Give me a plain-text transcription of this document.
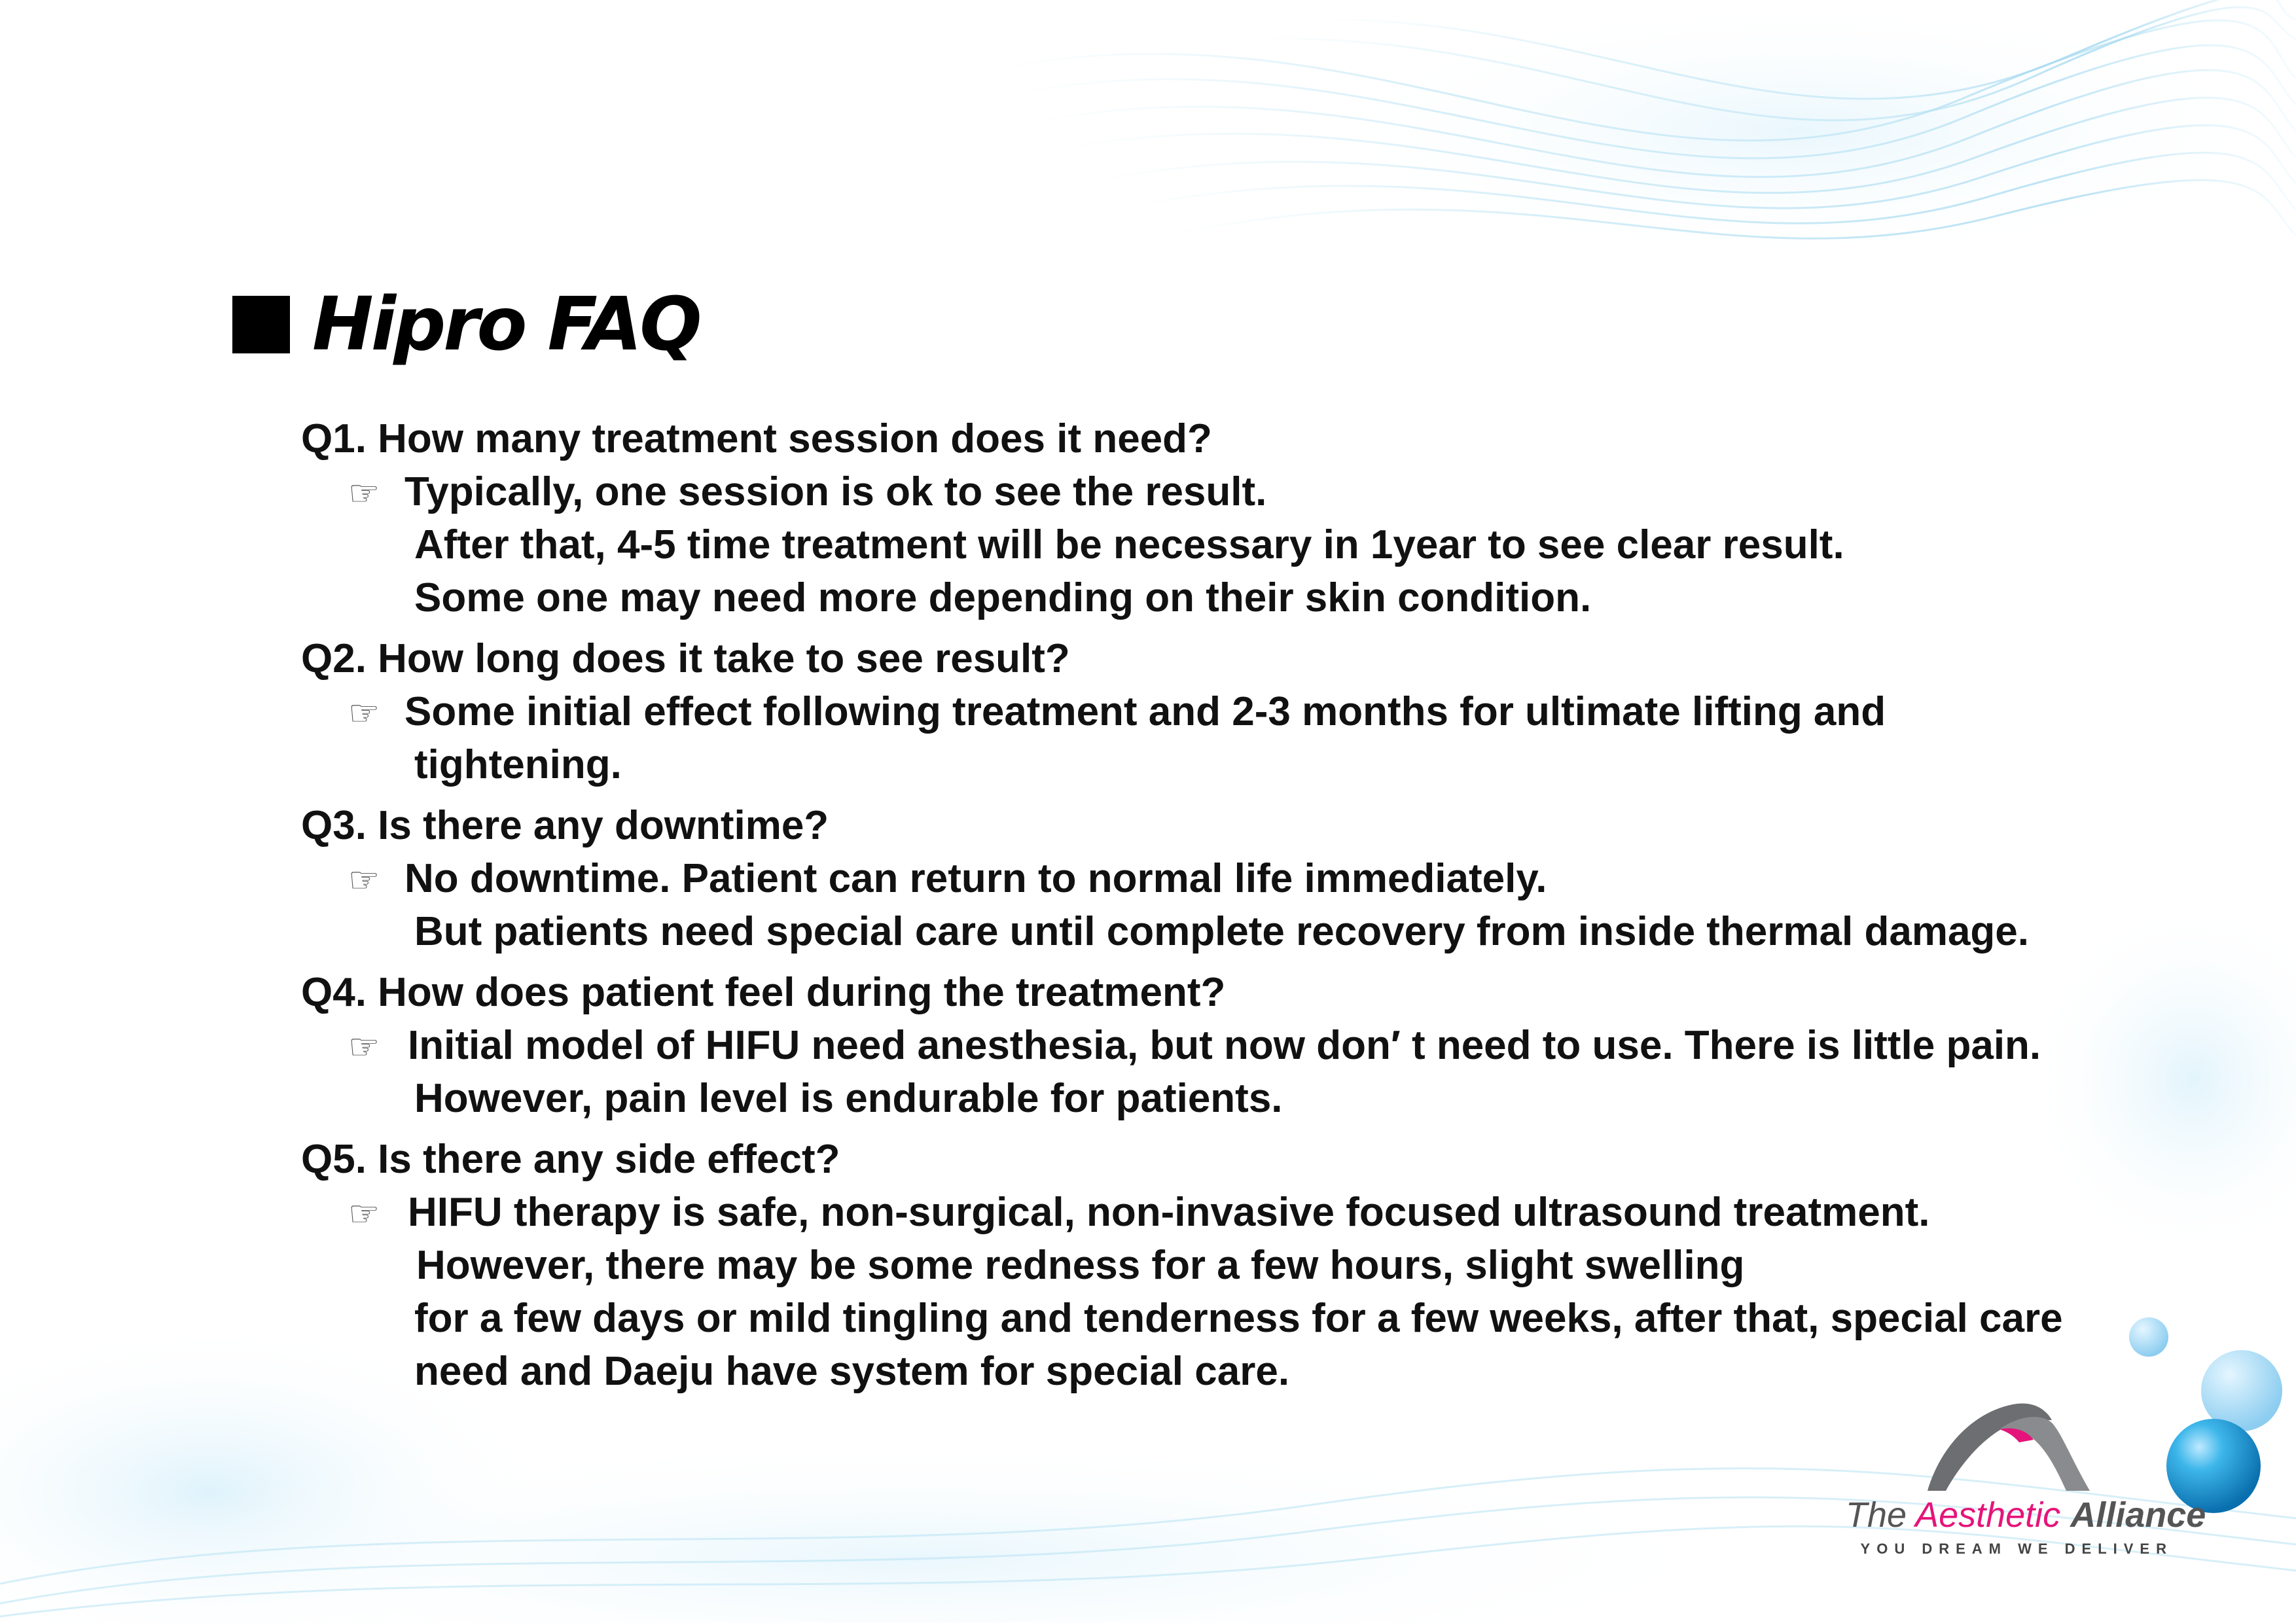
Hipro FAQ
Q1. How many treatment session does it need?
☞ Typically, one session is ok to see the result.
After that, 4-5 time treatment will be necessary in 1year to see clear result.
Some one may need more depending on their skin condition.
Q2. How long does it take to see result?
☞ Some initial effect following treatment and 2-3 months for ultimate lifting and
tightening.
Q3. Is there any downtime?
☞ No downtime. Patient can return to normal life immediately.
But patients need special care until complete recovery from inside thermal damage.
Q4. How does patient feel during the treatment?
☞ Initial model of HIFU need anesthesia, but now don′ t need to use. There is little pain.
However, pain level is endurable for patients.
Q5. Is there any side effect?
☞ HIFU therapy is safe, non-surgical, non-invasive focused ultrasound treatment.
However, there may be some redness for a few hours, slight swelling
for a few days or mild tingling and tenderness for a few weeks, after that, special care
need and Daeju have system for special care.
The Aesthetic Alliance
YOU DREAM WE DELIVER
